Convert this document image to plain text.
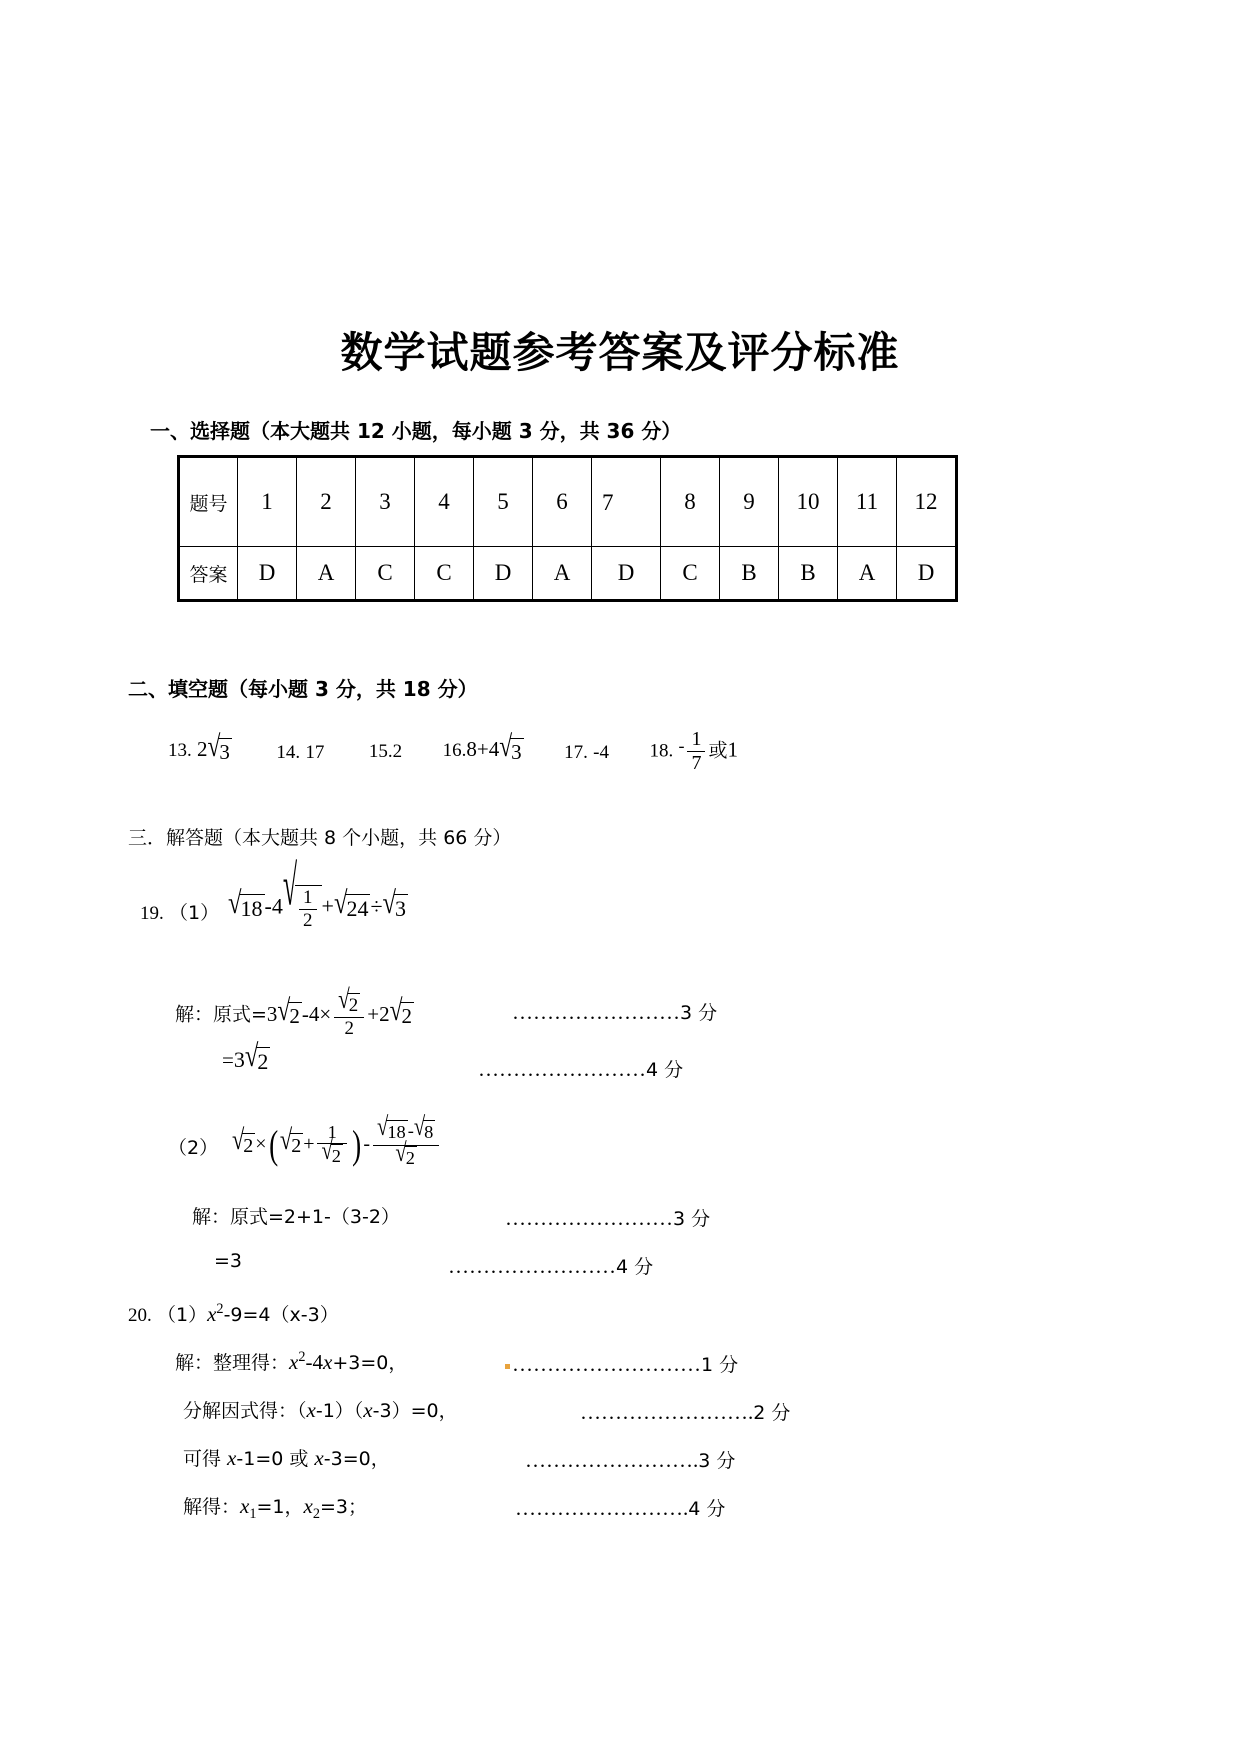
数学试题参考答案及评分标准
一、选择题（本大题共 12 小题，每小题 3 分，共 36 分）
题号	1	2	3	4	5	6	7	8	9	10	11	12
答案	D	A	C	C	D	A	D	C	B	B	A	D
二、填空题（每小题 3 分，共 18 分）
13. 2√3 14. 17 15.2 16.8+4√3 17. -4 18. - $\frac{1}{7}$ 或1
三．解答题（本大题共 8 个小题，共 66 分）
19. （1） $√18-4√ \frac{1}{2} +√24\div√3$
解：原式$=3√2-4\times \frac{√2}{2} +2√2$	……………………3 分
=3√2	……………………4 分
（2） $√2 \times(√2 + \frac{1}{√2}$ ) - $\frac{√18 -√8}{√2}$
解：原式=2+1-（3-2）	……………………3 分
=3	……………………4 分
20. $(1)x^2-9=4(x-3)$
解：整理得：$x^2-4x+3=0$，	………………………1 分
分解因式得：（x-1）（x-3）=0，	…………………….2 分
可得 x-1=0 或 x-3=0，	…………………….3 分
解得：$x_1=1$，$x_2=3$；	…………………….4 分
